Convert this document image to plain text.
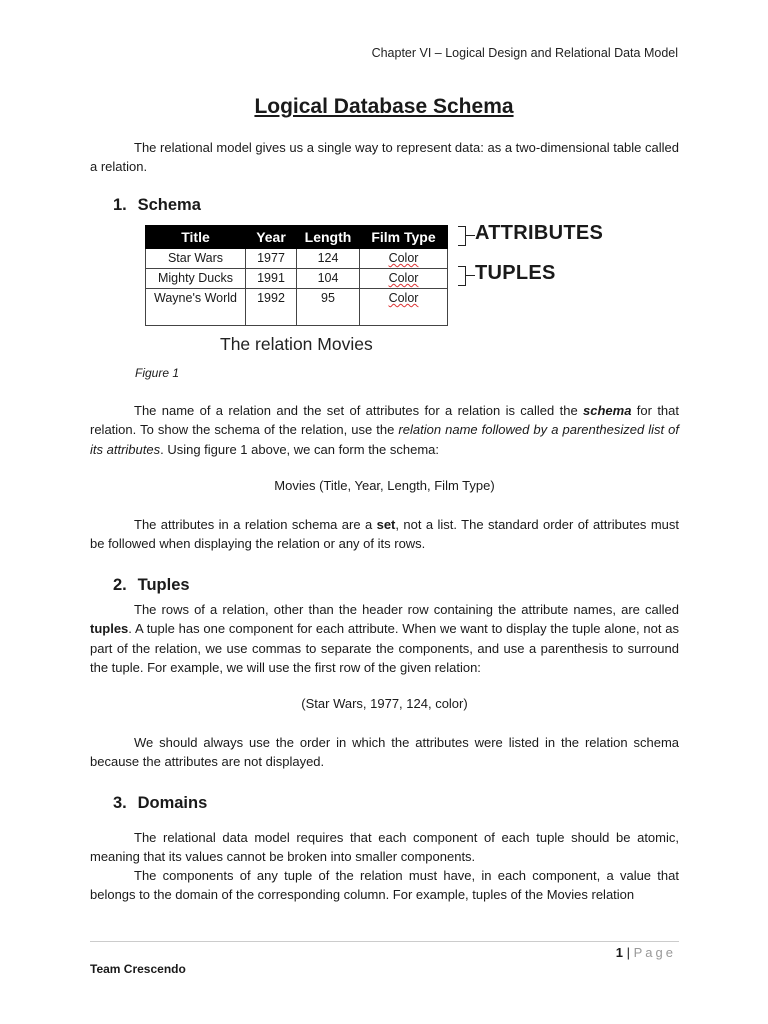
Chapter VI – Logical Design and Relational Data Model
Logical Database Schema
The relational model gives us a single way to represent data: as a two-dimensional table called a relation.
1. Schema
Title	Year	Length	Film Type
Star Wars	1977	124	Color
Mighty Ducks	1991	104	Color
Wayne's World	1992	95	Color
ATTRIBUTES
TUPLES
The relation Movies
Figure 1
The name of a relation and the set of attributes for a relation is called the schema for that relation. To show the schema of the relation, use the relation name followed by a parenthesized list of its attributes. Using figure 1 above, we can form the schema:
Movies (Title, Year, Length, Film Type)
The attributes in a relation schema are a set, not a list. The standard order of attributes must be followed when displaying the relation or any of its rows.
2. Tuples
The rows of a relation, other than the header row containing the attribute names, are called tuples. A tuple has one component for each attribute. When we want to display the tuple alone, not as part of the relation, we use commas to separate the components, and use a parenthesis to surround the tuple. For example, we will use the first row of the given relation:
(Star Wars, 1977, 124, color)
We should always use the order in which the attributes were listed in the relation schema because the attributes are not displayed.
3. Domains
The relational data model requires that each component of each tuple should be atomic, meaning that its values cannot be broken into smaller components.
The components of any tuple of the relation must have, in each component, a value that belongs to the domain of the corresponding column. For example, tuples of the Movies relation
1 | Page
Team Crescendo
